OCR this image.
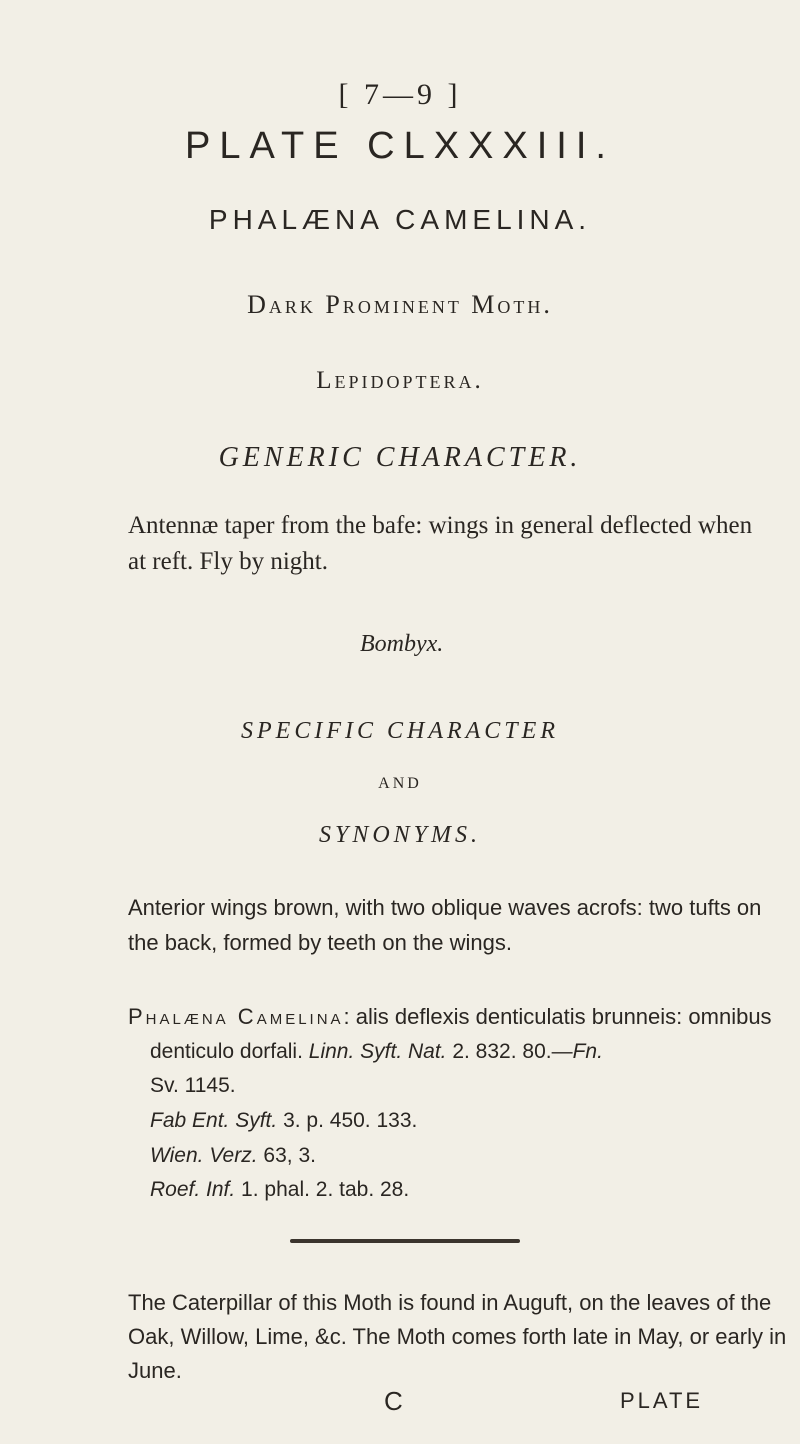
[ 7—9 ]
PLATE CLXXXIII.
PHALÆNA CAMELINA.
Dark Prominent Moth.
Lepidoptera.
GENERIC CHARACTER.
Antennæ taper from the bafe: wings in general deflected when at reft. Fly by night.
Bombyx.
SPECIFIC CHARACTER
AND
SYNONYMS.
Anterior wings brown, with two oblique waves acrofs: two tufts on the back, formed by teeth on the wings.
Phalæna Camelina: alis deflexis denticulatis brunneis: omnibus
denticulo dorfali. Linn. Syft. Nat. 2. 832. 80.—Fn.
Sv. 1145.
Fab Ent. Syft. 3. p. 450. 133.
Wien. Verz. 63, 3.
Roef. Inf. 1. phal. 2. tab. 28.
The Caterpillar of this Moth is found in Auguft, on the leaves of the Oak, Willow, Lime, &c. The Moth comes forth late in May, or early in June.
C	PLATE
